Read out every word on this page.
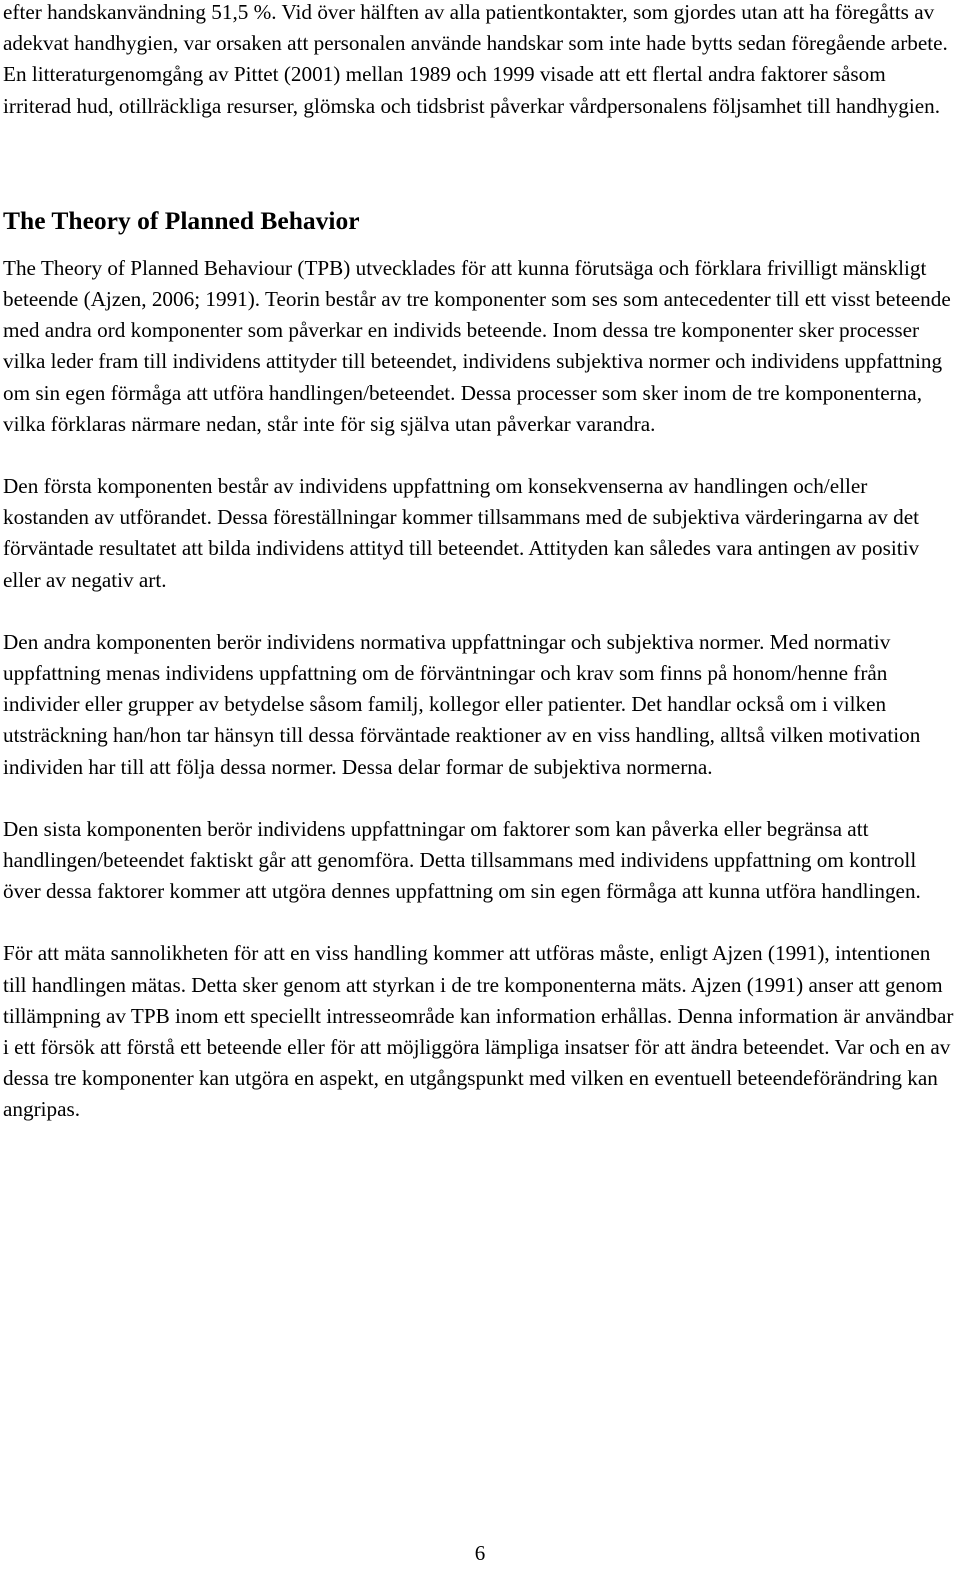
efter handskanvändning 51,5 %. Vid över hälften av alla patientkontakter, som gjordes utan att ha föregåtts av adekvat handhygien, var orsaken att personalen använde handskar som inte hade bytts sedan föregående arbete. En litteraturgenomgång av Pittet (2001) mellan 1989 och 1999 visade att ett flertal andra faktorer såsom irriterad hud, otillräckliga resurser, glömska och tidsbrist påverkar vårdpersonalens följsamhet till handhygien.

The Theory of Planned Behavior

The Theory of Planned Behaviour (TPB) utvecklades för att kunna förutsäga och förklara frivilligt mänskligt beteende (Ajzen, 2006; 1991). Teorin består av tre komponenter som ses som antecedenter till ett visst beteende med andra ord komponenter som påverkar en individs beteende. Inom dessa tre komponenter sker processer vilka leder fram till individens attityder till beteendet, individens subjektiva normer och individens uppfattning om sin egen förmåga att utföra handlingen/beteendet. Dessa processer som sker inom de tre komponenterna, vilka förklaras närmare nedan, står inte för sig själva utan påverkar varandra.

Den första komponenten består av individens uppfattning om konsekvenserna av handlingen och/eller kostanden av utförandet. Dessa föreställningar kommer tillsammans med de subjektiva värderingarna av det förväntade resultatet att bilda individens attityd till beteendet. Attityden kan således vara antingen av positiv eller av negativ art.

Den andra komponenten berör individens normativa uppfattningar och subjektiva normer. Med normativ uppfattning menas individens uppfattning om de förväntningar och krav som finns på honom/henne från individer eller grupper av betydelse såsom familj, kollegor eller patienter. Det handlar också om i vilken utsträckning han/hon tar hänsyn till dessa förväntade reaktioner av en viss handling, alltså vilken motivation individen har till att följa dessa normer. Dessa delar formar de subjektiva normerna.

Den sista komponenten berör individens uppfattningar om faktorer som kan påverka eller begränsa att handlingen/beteendet faktiskt går att genomföra. Detta tillsammans med individens uppfattning om kontroll över dessa faktorer kommer att utgöra dennes uppfattning om sin egen förmåga att kunna utföra handlingen.

För att mäta sannolikheten för att en viss handling kommer att utföras måste, enligt Ajzen (1991), intentionen till handlingen mätas. Detta sker genom att styrkan i de tre komponenterna mäts. Ajzen (1991) anser att genom tillämpning av TPB inom ett speciellt intresseområde kan information erhållas. Denna information är användbar i ett försök att förstå ett beteende eller för att möjliggöra lämpliga insatser för att ändra beteendet. Var och en av dessa tre komponenter kan utgöra en aspekt, en utgångspunkt med vilken en eventuell beteendeförändring kan angripas.

6
